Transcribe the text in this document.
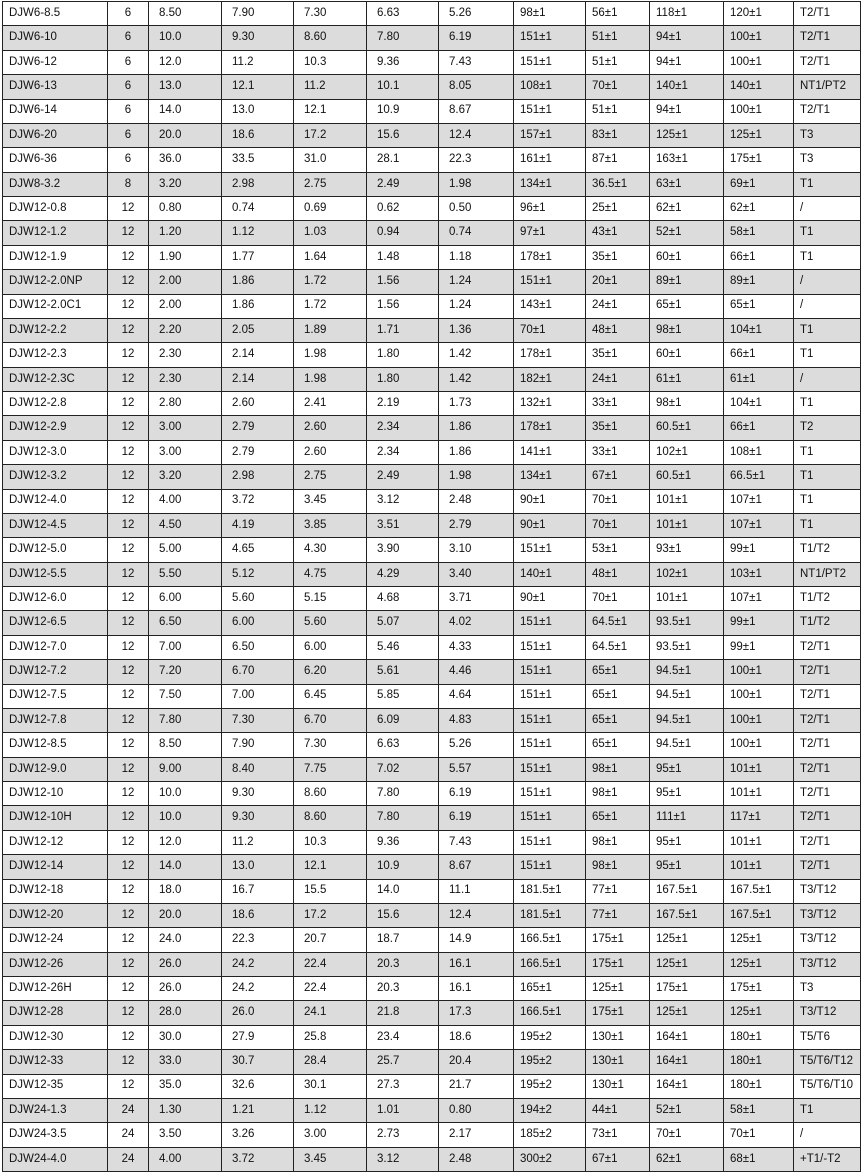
DJW6-8.5	6	8.50	7.90	7.30	6.63	5.26	98±1	56±1	118±1	120±1	T2/T1
DJW6-10	6	10.0	9.30	8.60	7.80	6.19	151±1	51±1	94±1	100±1	T2/T1
DJW6-12	6	12.0	11.2	10.3	9.36	7.43	151±1	51±1	94±1	100±1	T2/T1
DJW6-13	6	13.0	12.1	11.2	10.1	8.05	108±1	70±1	140±1	140±1	NT1/PT2
DJW6-14	6	14.0	13.0	12.1	10.9	8.67	151±1	51±1	94±1	100±1	T2/T1
DJW6-20	6	20.0	18.6	17.2	15.6	12.4	157±1	83±1	125±1	125±1	T3
DJW6-36	6	36.0	33.5	31.0	28.1	22.3	161±1	87±1	163±1	175±1	T3
DJW8-3.2	8	3.20	2.98	2.75	2.49	1.98	134±1	36.5±1	63±1	69±1	T1
DJW12-0.8	12	0.80	0.74	0.69	0.62	0.50	96±1	25±1	62±1	62±1	/
DJW12-1.2	12	1.20	1.12	1.03	0.94	0.74	97±1	43±1	52±1	58±1	T1
DJW12-1.9	12	1.90	1.77	1.64	1.48	1.18	178±1	35±1	60±1	66±1	T1
DJW12-2.0NP	12	2.00	1.86	1.72	1.56	1.24	151±1	20±1	89±1	89±1	/
DJW12-2.0C1	12	2.00	1.86	1.72	1.56	1.24	143±1	24±1	65±1	65±1	/
DJW12-2.2	12	2.20	2.05	1.89	1.71	1.36	70±1	48±1	98±1	104±1	T1
DJW12-2.3	12	2.30	2.14	1.98	1.80	1.42	178±1	35±1	60±1	66±1	T1
DJW12-2.3C	12	2.30	2.14	1.98	1.80	1.42	182±1	24±1	61±1	61±1	/
DJW12-2.8	12	2.80	2.60	2.41	2.19	1.73	132±1	33±1	98±1	104±1	T1
DJW12-2.9	12	3.00	2.79	2.60	2.34	1.86	178±1	35±1	60.5±1	66±1	T2
DJW12-3.0	12	3.00	2.79	2.60	2.34	1.86	141±1	33±1	102±1	108±1	T1
DJW12-3.2	12	3.20	2.98	2.75	2.49	1.98	134±1	67±1	60.5±1	66.5±1	T1
DJW12-4.0	12	4.00	3.72	3.45	3.12	2.48	90±1	70±1	101±1	107±1	T1
DJW12-4.5	12	4.50	4.19	3.85	3.51	2.79	90±1	70±1	101±1	107±1	T1
DJW12-5.0	12	5.00	4.65	4.30	3.90	3.10	151±1	53±1	93±1	99±1	T1/T2
DJW12-5.5	12	5.50	5.12	4.75	4.29	3.40	140±1	48±1	102±1	103±1	NT1/PT2
DJW12-6.0	12	6.00	5.60	5.15	4.68	3.71	90±1	70±1	101±1	107±1	T1/T2
DJW12-6.5	12	6.50	6.00	5.60	5.07	4.02	151±1	64.5±1	93.5±1	99±1	T1/T2
DJW12-7.0	12	7.00	6.50	6.00	5.46	4.33	151±1	64.5±1	93.5±1	99±1	T2/T1
DJW12-7.2	12	7.20	6.70	6.20	5.61	4.46	151±1	65±1	94.5±1	100±1	T2/T1
DJW12-7.5	12	7.50	7.00	6.45	5.85	4.64	151±1	65±1	94.5±1	100±1	T2/T1
DJW12-7.8	12	7.80	7.30	6.70	6.09	4.83	151±1	65±1	94.5±1	100±1	T2/T1
DJW12-8.5	12	8.50	7.90	7.30	6.63	5.26	151±1	65±1	94.5±1	100±1	T2/T1
DJW12-9.0	12	9.00	8.40	7.75	7.02	5.57	151±1	98±1	95±1	101±1	T2/T1
DJW12-10	12	10.0	9.30	8.60	7.80	6.19	151±1	98±1	95±1	101±1	T2/T1
DJW12-10H	12	10.0	9.30	8.60	7.80	6.19	151±1	65±1	111±1	117±1	T2/T1
DJW12-12	12	12.0	11.2	10.3	9.36	7.43	151±1	98±1	95±1	101±1	T2/T1
DJW12-14	12	14.0	13.0	12.1	10.9	8.67	151±1	98±1	95±1	101±1	T2/T1
DJW12-18	12	18.0	16.7	15.5	14.0	11.1	181.5±1	77±1	167.5±1	167.5±1	T3/T12
DJW12-20	12	20.0	18.6	17.2	15.6	12.4	181.5±1	77±1	167.5±1	167.5±1	T3/T12
DJW12-24	12	24.0	22.3	20.7	18.7	14.9	166.5±1	175±1	125±1	125±1	T3/T12
DJW12-26	12	26.0	24.2	22.4	20.3	16.1	166.5±1	175±1	125±1	125±1	T3/T12
DJW12-26H	12	26.0	24.2	22.4	20.3	16.1	165±1	125±1	175±1	175±1	T3
DJW12-28	12	28.0	26.0	24.1	21.8	17.3	166.5±1	175±1	125±1	125±1	T3/T12
DJW12-30	12	30.0	27.9	25.8	23.4	18.6	195±2	130±1	164±1	180±1	T5/T6
DJW12-33	12	33.0	30.7	28.4	25.7	20.4	195±2	130±1	164±1	180±1	T5/T6/T12
DJW12-35	12	35.0	32.6	30.1	27.3	21.7	195±2	130±1	164±1	180±1	T5/T6/T10
DJW24-1.3	24	1.30	1.21	1.12	1.01	0.80	194±2	44±1	52±1	58±1	T1
DJW24-3.5	24	3.50	3.26	3.00	2.73	2.17	185±2	73±1	70±1	70±1	/
DJW24-4.0	24	4.00	3.72	3.45	3.12	2.48	300±2	67±1	62±1	68±1	+T1/-T2
